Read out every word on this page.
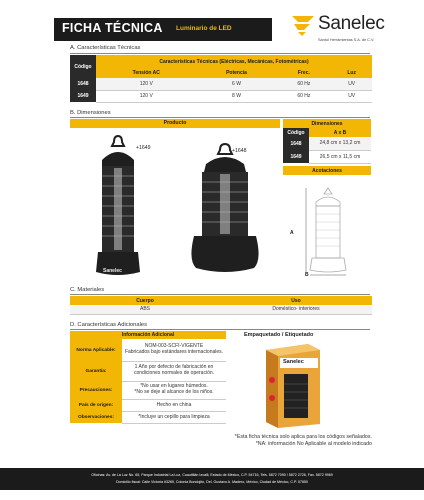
FICHA TÉCNICA Luminario de LED	Sanelec
Santul Herramientas S.A. de C.V.
A. Características Técnicas
Código	Características Técnicas (Eléctricas, Mecánicas, Fotométricas)			
	Tensión AC	Potencia	Frec.	Luz
1648	120 V	6 W	60 Hz	UV
1649	120 V	8 W	60 Hz	UV
B. Dimensiones
Producto	Dimensiones	
Código	A x B
1648	24,8 cm x 13,2 cm
1649	26,5 cm x 11,5 cm

Acotaciones	
+1649
Sanelec
+1648
A
B
C. Materiales
Cuerpo	Uso
ABS	Doméstico- interiores
D. Características Adicionales
Información Adicional	
Norma Aplicable:	NOM-003-SCFI-VIGENTE
Fabricados bajo estándares internacionales.
Garantía:	1 Año por defecto de fabricación en condiciones normales de operación.
Precauciones:	*No usar en lugares húmedos.
*No se deje al alcance de los niños.
País de origen:	Hecho en china
Observaciones:	*Incluye un cepillo para limpieza
Empaquetado / Etiquetado
Sanelec
*Esta ficha técnica solo aplica para los códigos señalados.
*NA: información No Aplicable al modelo indicado
Oficinas: Av. de La Luz No. 65, Parque Industrial La Luz, Cuautitlán Izcalli, Estado de México, C.P. 54716, Tels. 5872 7090 / 5872 2726, Fax. 5872 9969
Domicilio fiscal: Calle Victoria #3269, Colonia Bondojito, Del. Gustavo A. Madero, México, Ciudad de México, C.P. 07850
